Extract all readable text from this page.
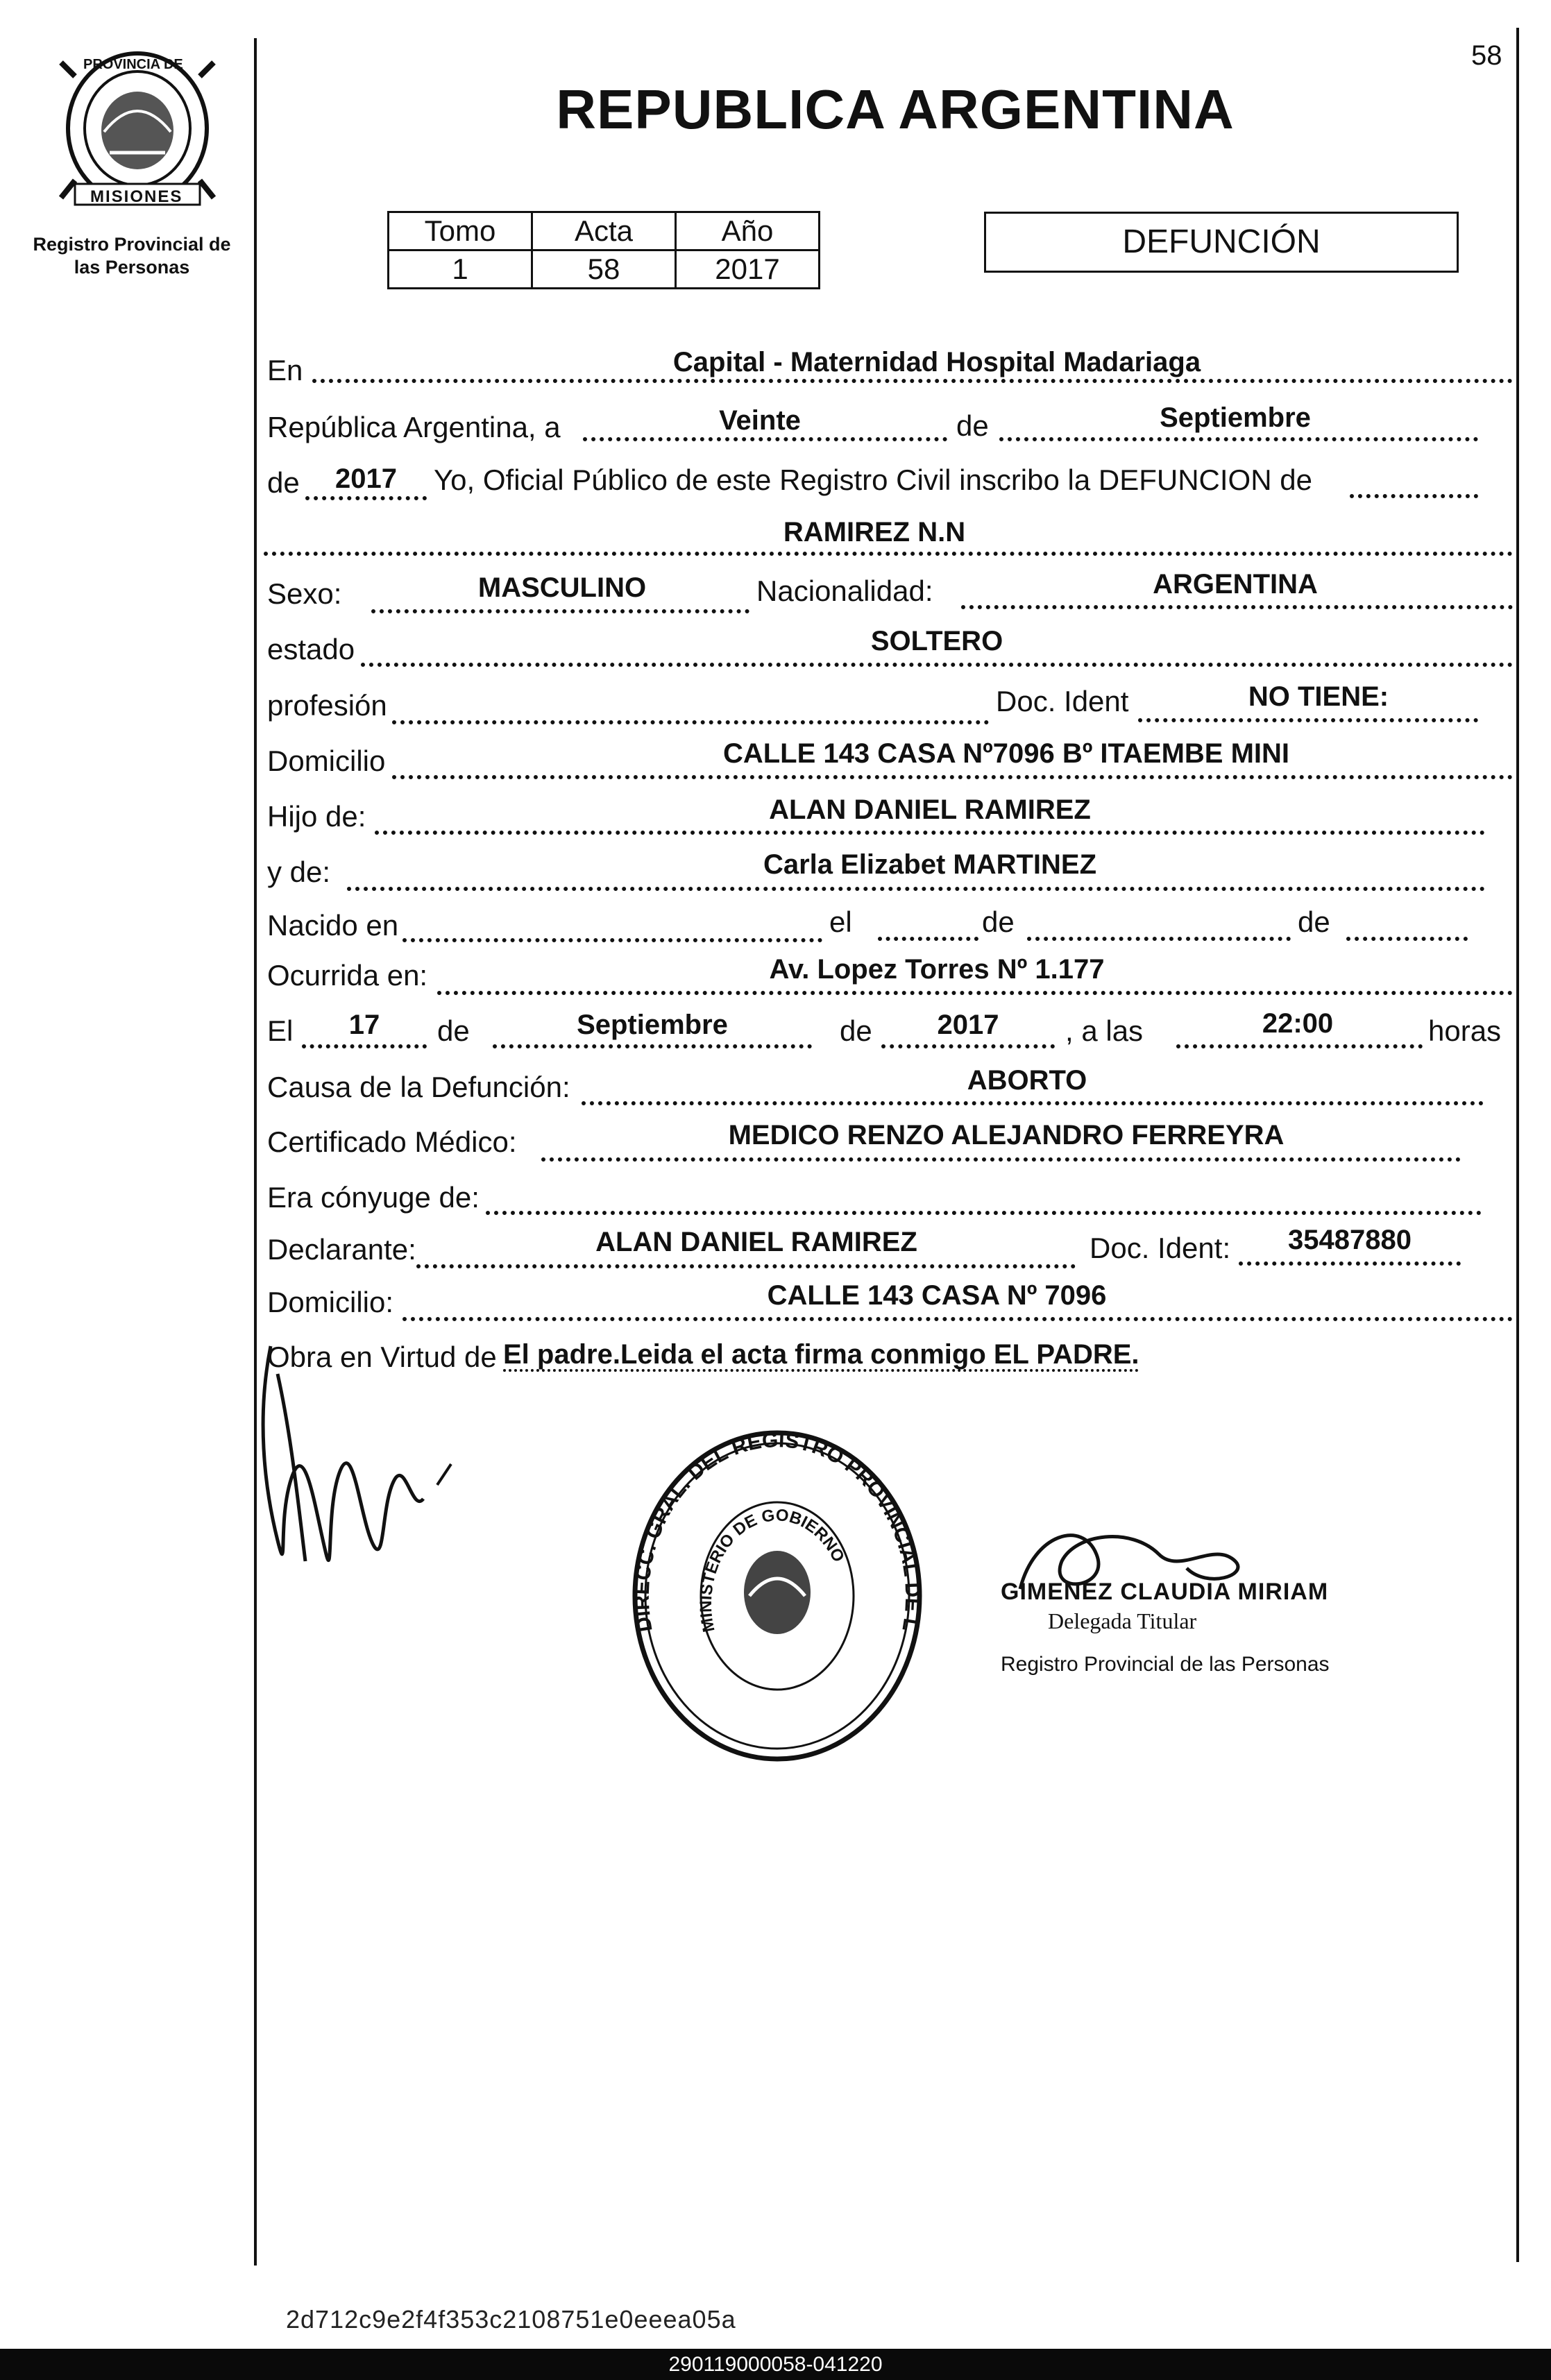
PROVINCIA DE
MISIONES
Registro Provincial de las Personas
58
REPUBLICA ARGENTINA
Tomo	Acta	Año
1	58	2017
DEFUNCIÓN
En	Capital - Maternidad Hospital Madariaga
República Argentina, a	Veinte	de	Septiembre
de	2017	Yo, Oficial Público de este Registro Civil inscribo la DEFUNCION de
RAMIREZ N.N
Sexo:	MASCULINO	Nacionalidad:	ARGENTINA
estado	SOLTERO
profesión	Doc. Ident	NO TIENE:
Domicilio	CALLE 143 CASA Nº7096 Bº ITAEMBE MINI
Hijo de:	ALAN DANIEL RAMIREZ
y de:	Carla Elizabet MARTINEZ
Nacido en	el	de	de
Ocurrida en:	Av. Lopez Torres Nº 1.177
El	17	de	Septiembre	de	2017	, a las	22:00	horas
Causa de la Defunción:	ABORTO
Certificado Médico:	MEDICO RENZO ALEJANDRO FERREYRA
Era cónyuge de:
Declarante:	ALAN DANIEL RAMIREZ	Doc. Ident:	35487880
Domicilio:	CALLE 143 CASA Nº 7096
Obra en Virtud de El padre.Leida el acta firma conmigo EL PADRE.
DIRECC. GRAL. DEL REGISTRO PROVINCIAL DE LAS PERSONAS
MINISTERIO DE GOBIERNO
GIMENEZ CLAUDIA MIRIAM
Delegada Titular
Registro Provincial de las Personas
2d712c9e2f4f353c2108751e0eeea05a
290119000058-041220
